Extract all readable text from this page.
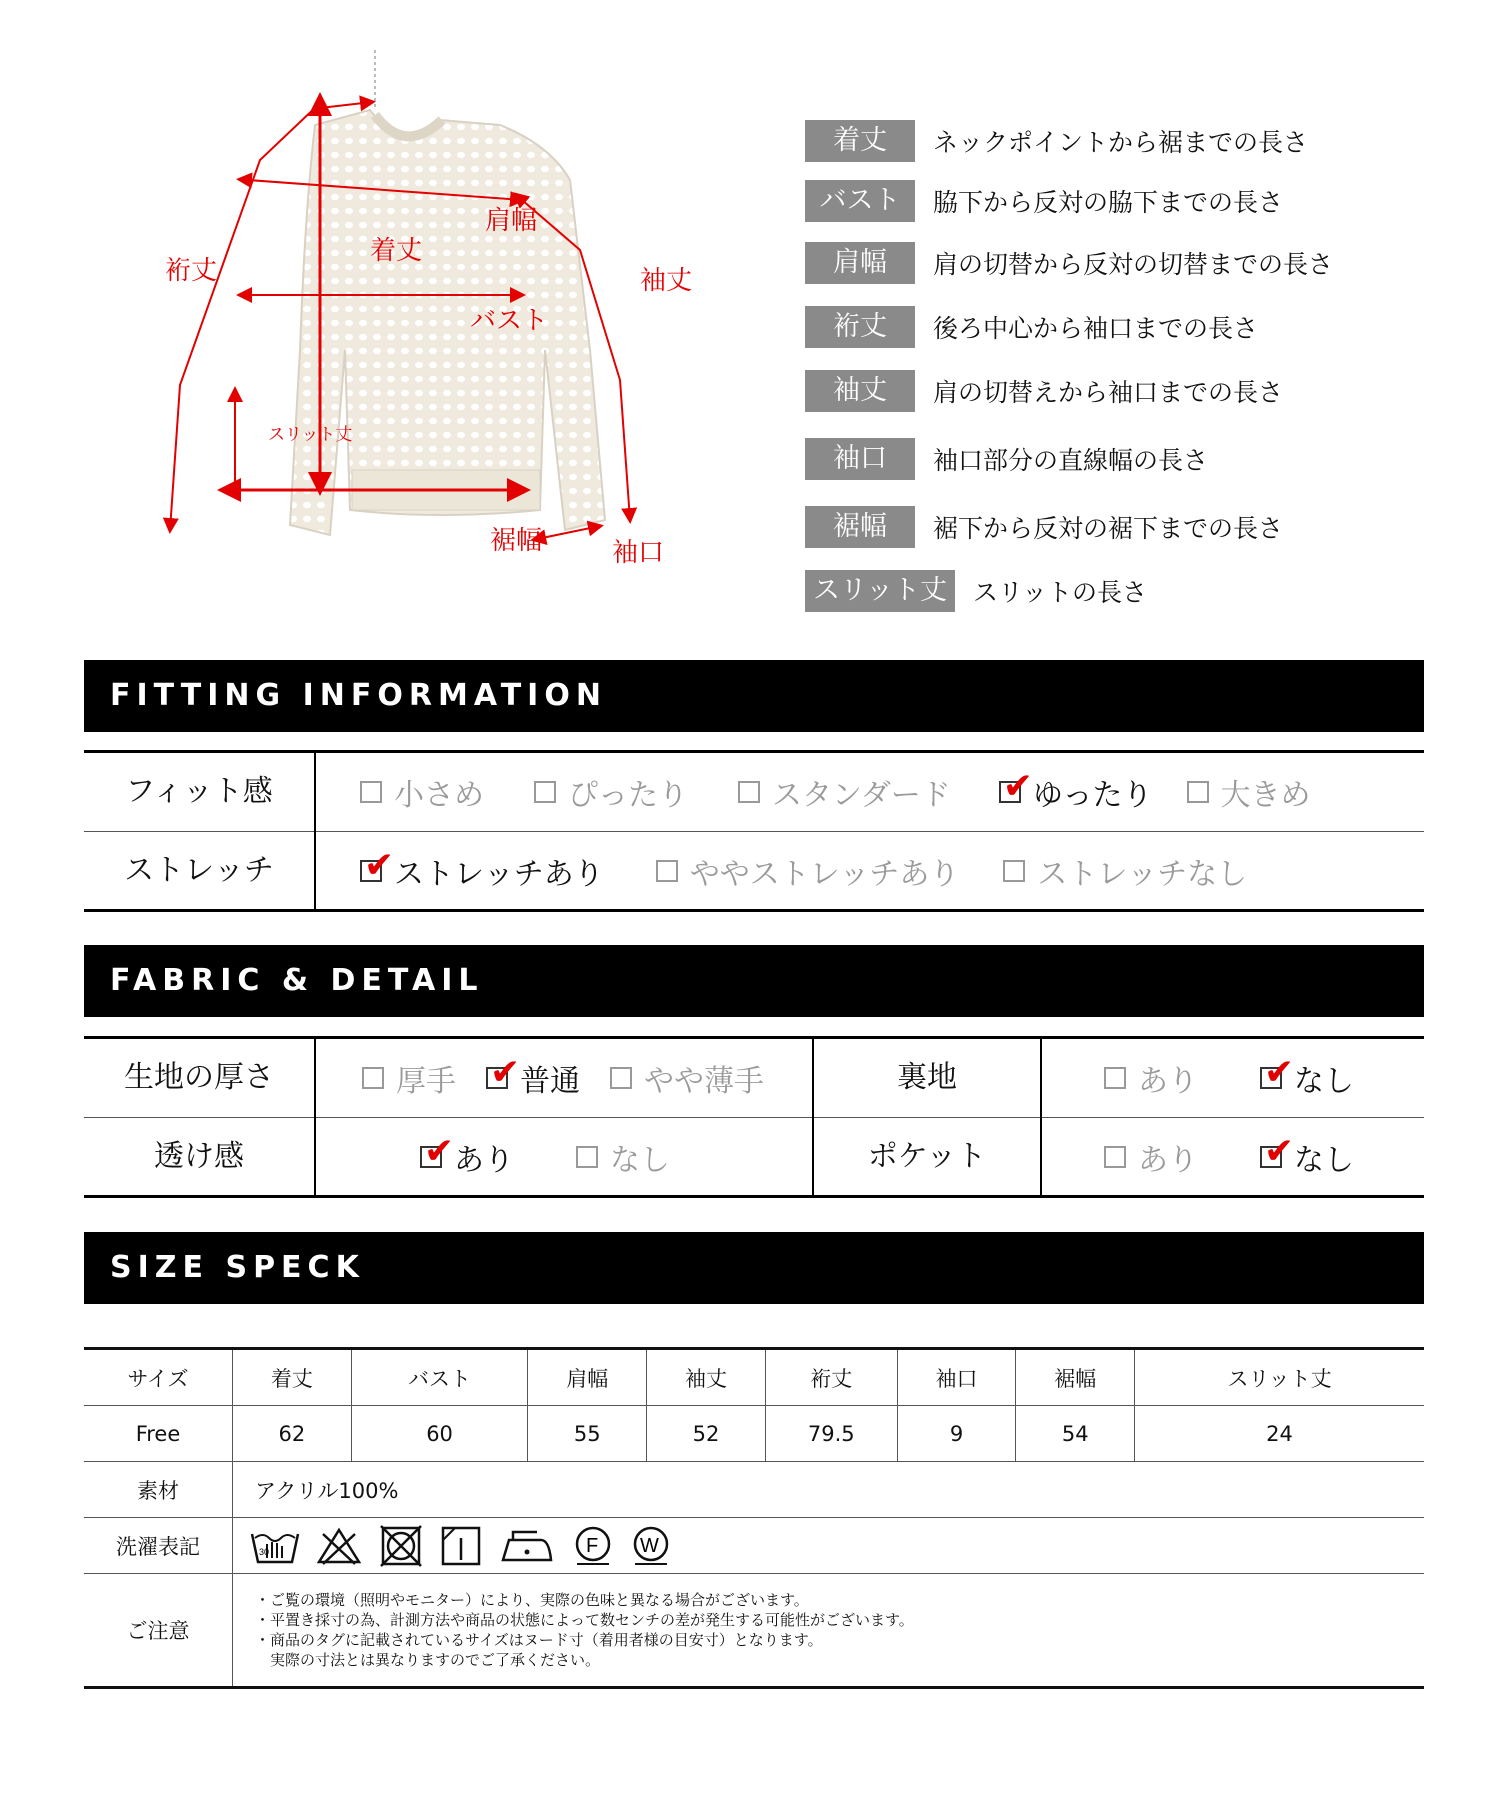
着丈
肩幅
バスト
裄丈	袖丈
スリット丈
裾幅	袖口
着丈	ネックポイントから裾までの長さ
バスト	脇下から反対の脇下までの長さ
肩幅	肩の切替から反対の切替までの長さ
裄丈	後ろ中心から袖口までの長さ
袖丈	肩の切替えから袖口までの長さ
袖口	袖口部分の直線幅の長さ
裾幅	裾下から反対の裾下までの長さ
スリット丈	スリットの長さ
FITTING INFORMATION
フィット感	小さめ	ぴったり	スタンダード ✔ ゆったり 大きめ
ストレッチ	✔ ストレッチあり	ややストレッチあり	ストレッチなし
FABRIC & DETAIL
生地の厚さ	厚手 ✔ 普通 やや薄手	裏地	あり ✔ なし
透け感	✔ あり	なし	ポケット	あり ✔ なし
SIZE SPECK
サイズ	着丈	バスト	肩幅	袖丈	裄丈	袖口	裾幅	スリット丈
Free	62	60	55	52	79.5	9	54	24
素材	アクリル100%							
洗濯表記	30 F W							

ご注意	・ご覧の環境（照明やモニター）により、実際の色味と異なる場合がございます。
・平置き採寸の為、計測方法や商品の状態によって数センチの差が発生する可能性がございます。
・商品のタグに記載されているサイズはヌード寸（着用者様の目安寸）となります。
　実際の寸法とは異なりますのでご了承ください。							
